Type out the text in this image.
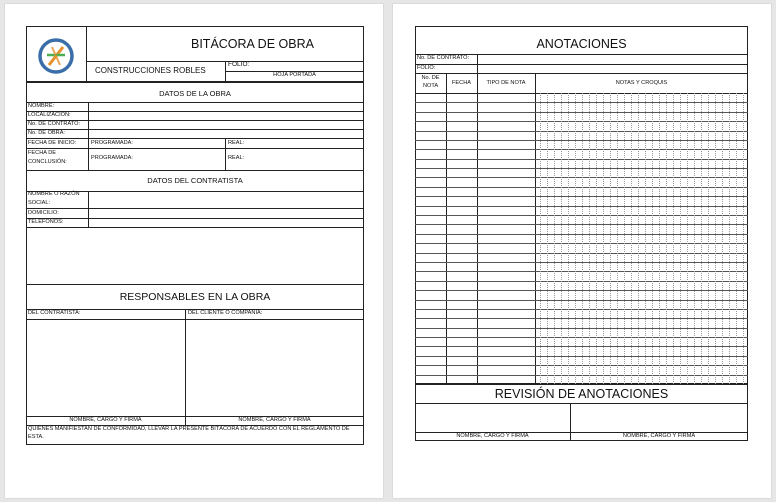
BITÁCORA DE OBRA
CONSTRUCCIONES ROBLES
FOLIO:
HOJA PORTADA
DATOS DE LA OBRA
NOMBRE:
LOCALIZACIÓN:
No. DE CONTRATO:
No. DE OBRA:
FECHA DE INICIO:	PROGRAMADA:	REAL:
FECHA DE
CONCLUSIÓN:
PROGRAMADA:	REAL:
DATOS DEL CONTRATISTA
NOMBRE O RAZÓN
SOCIAL:
DOMICILIO:
TELÉFONOS:
RESPONSABLES EN LA OBRA
DEL CONTRATISTA:	DEL CLIENTE O COMPAÑÍA:
NOMBRE, CARGO Y FIRMA	NOMBRE, CARGO Y FIRMA
QUIENES MANIFIESTAN DE CONFORMIDAD, LLEVAR LA PRESENTE BITÁCORA DE ACUERDO CON EL REGLAMENTO DE
ESTA.
ANOTACIONES
No. DE CONTRATO:
FOLIO:
No. DE
NOTA	FECHA	TIPO DE NOTA	NOTAS Y CROQUIS
REVISIÓN DE ANOTACIONES
NOMBRE, CARGO Y FIRMA	NOMBRE, CARGO Y FIRMA
